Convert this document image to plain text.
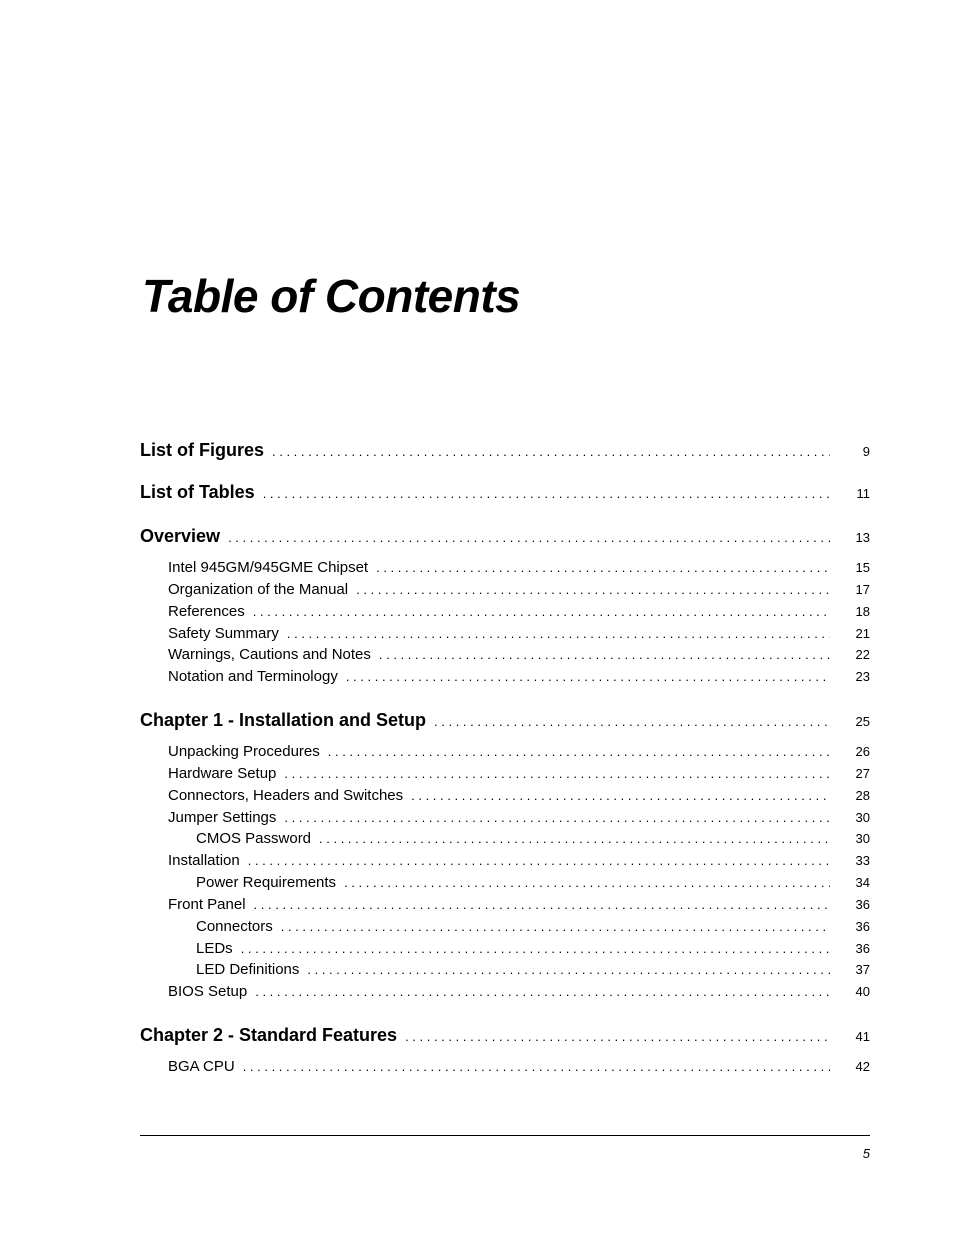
Table of Contents
List of Figures . . .	9
List of Tables . . .	11
Overview . . .	13
Intel 945GM/945GME Chipset . . .	15
Organization of the Manual . . .	17
References . . .	18
Safety Summary . . .	21
Warnings, Cautions and Notes . . .	22
Notation and Terminology . . .	23
Chapter 1 - Installation and Setup . . .	25
Unpacking Procedures . . .	26
Hardware Setup . . .	27
Connectors, Headers and Switches . . .	28
Jumper Settings . . .	30
CMOS Password . . .	30
Installation . . .	33
Power Requirements . . .	34
Front Panel . . .	36
Connectors . . .	36
LEDs . . .	36
LED Definitions . . .	37
BIOS Setup . . .	40
Chapter 2 - Standard Features . . .	41
BGA CPU . . .	42
5
